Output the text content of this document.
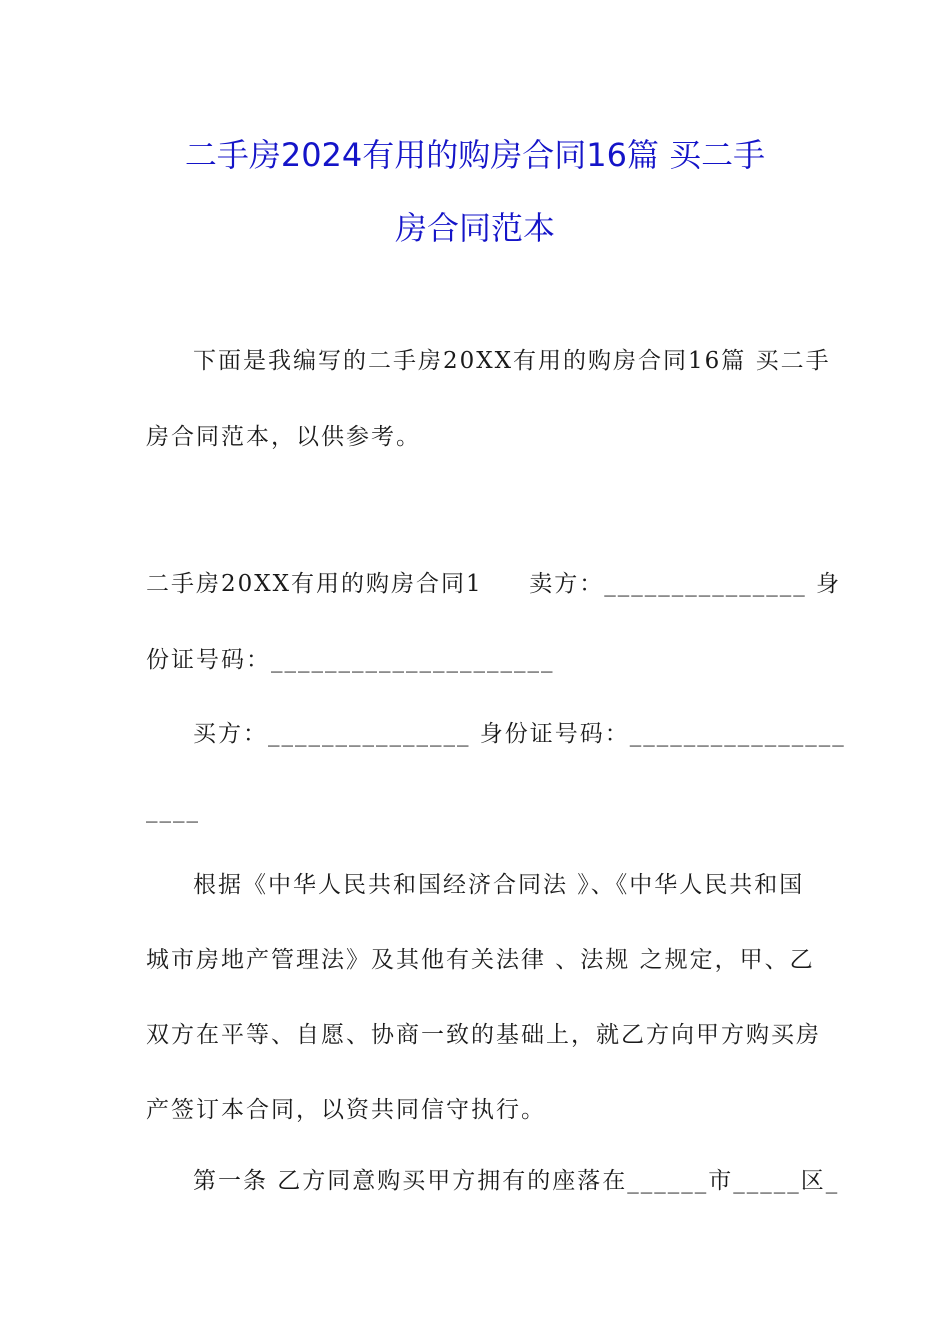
二手房2024有用的购房合同16篇 买二手
房合同范本
下面是我编写的二手房20XX有用的购房合同16篇 买二手
房合同范本，以供参考。
二手房20XX有用的购房合同1     卖方：_______________ 身
份证号码：_____________________
买方：_______________ 身份证号码：________________
____
根据《中华人民共和国经济合同法 》、《中华人民共和国
城市房地产管理法》及其他有关法律 、法规 之规定，甲、乙
双方在平等、自愿、协商一致的基础上，就乙方向甲方购买房
产签订本合同，以资共同信守执行。
第一条 乙方同意购买甲方拥有的座落在______市_____区_
